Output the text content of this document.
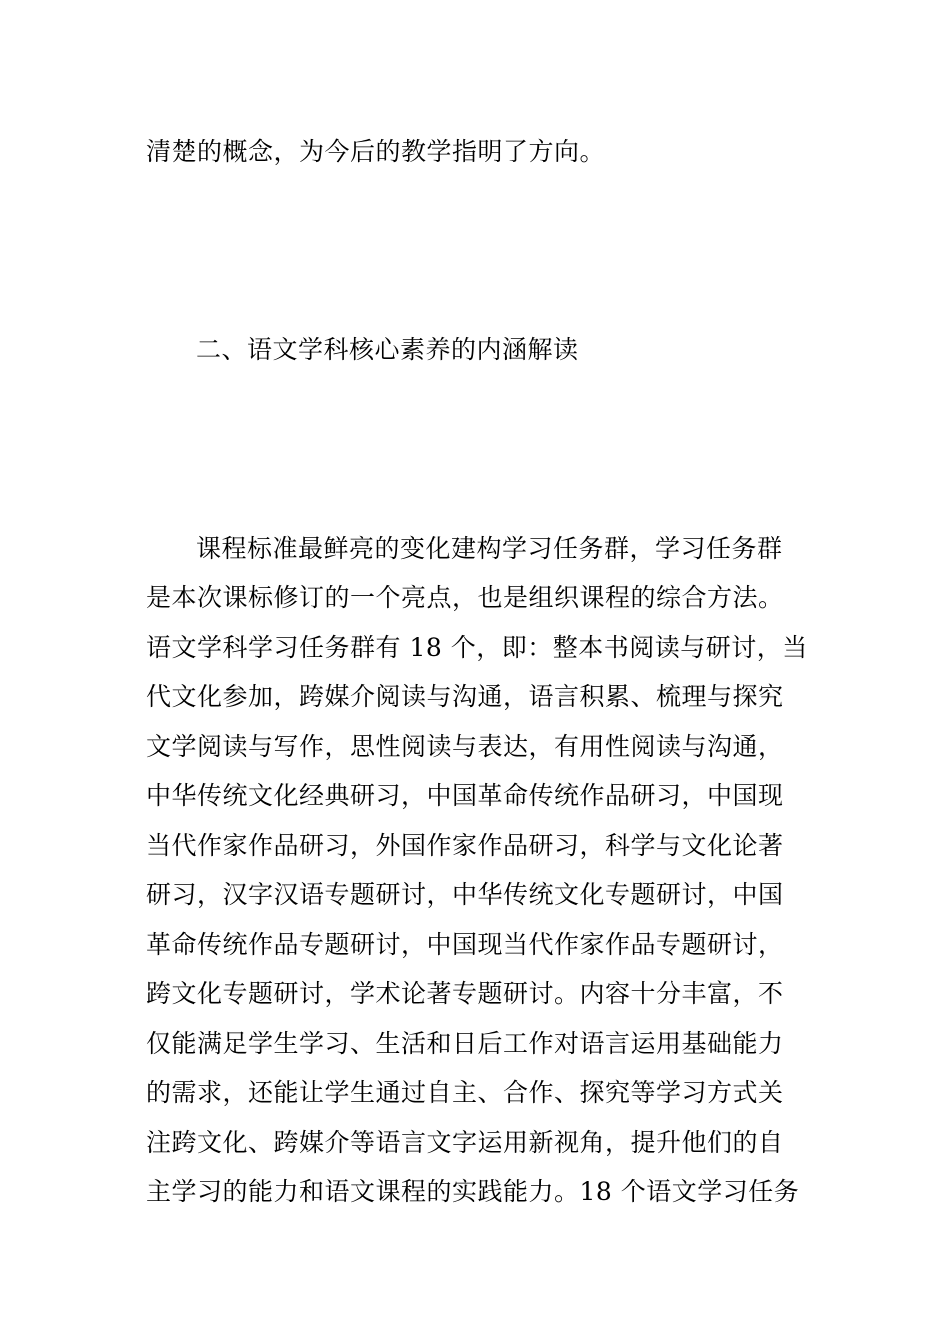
清楚的概念，为今后的教学指明了方向。
二、语文学科核心素养的内涵解读
课程标准最鲜亮的变化建构学习任务群，学习任务群
是本次课标修订的一个亮点，也是组织课程的综合方法。
语文学科学习任务群有 18 个，即：整本书阅读与研讨，当
代文化参加，跨媒介阅读与沟通，语言积累、梳理与探究
文学阅读与写作，思性阅读与表达，有用性阅读与沟通，
中华传统文化经典研习，中国革命传统作品研习，中国现
当代作家作品研习，外国作家作品研习，科学与文化论著
研习，汉字汉语专题研讨，中华传统文化专题研讨，中国
革命传统作品专题研讨，中国现当代作家作品专题研讨，
跨文化专题研讨，学术论著专题研讨。内容十分丰富，不
仅能满足学生学习、生活和日后工作对语言运用基础能力
的需求，还能让学生通过自主、合作、探究等学习方式关
注跨文化、跨媒介等语言文字运用新视角，提升他们的自
主学习的能力和语文课程的实践能力。18 个语文学习任务
